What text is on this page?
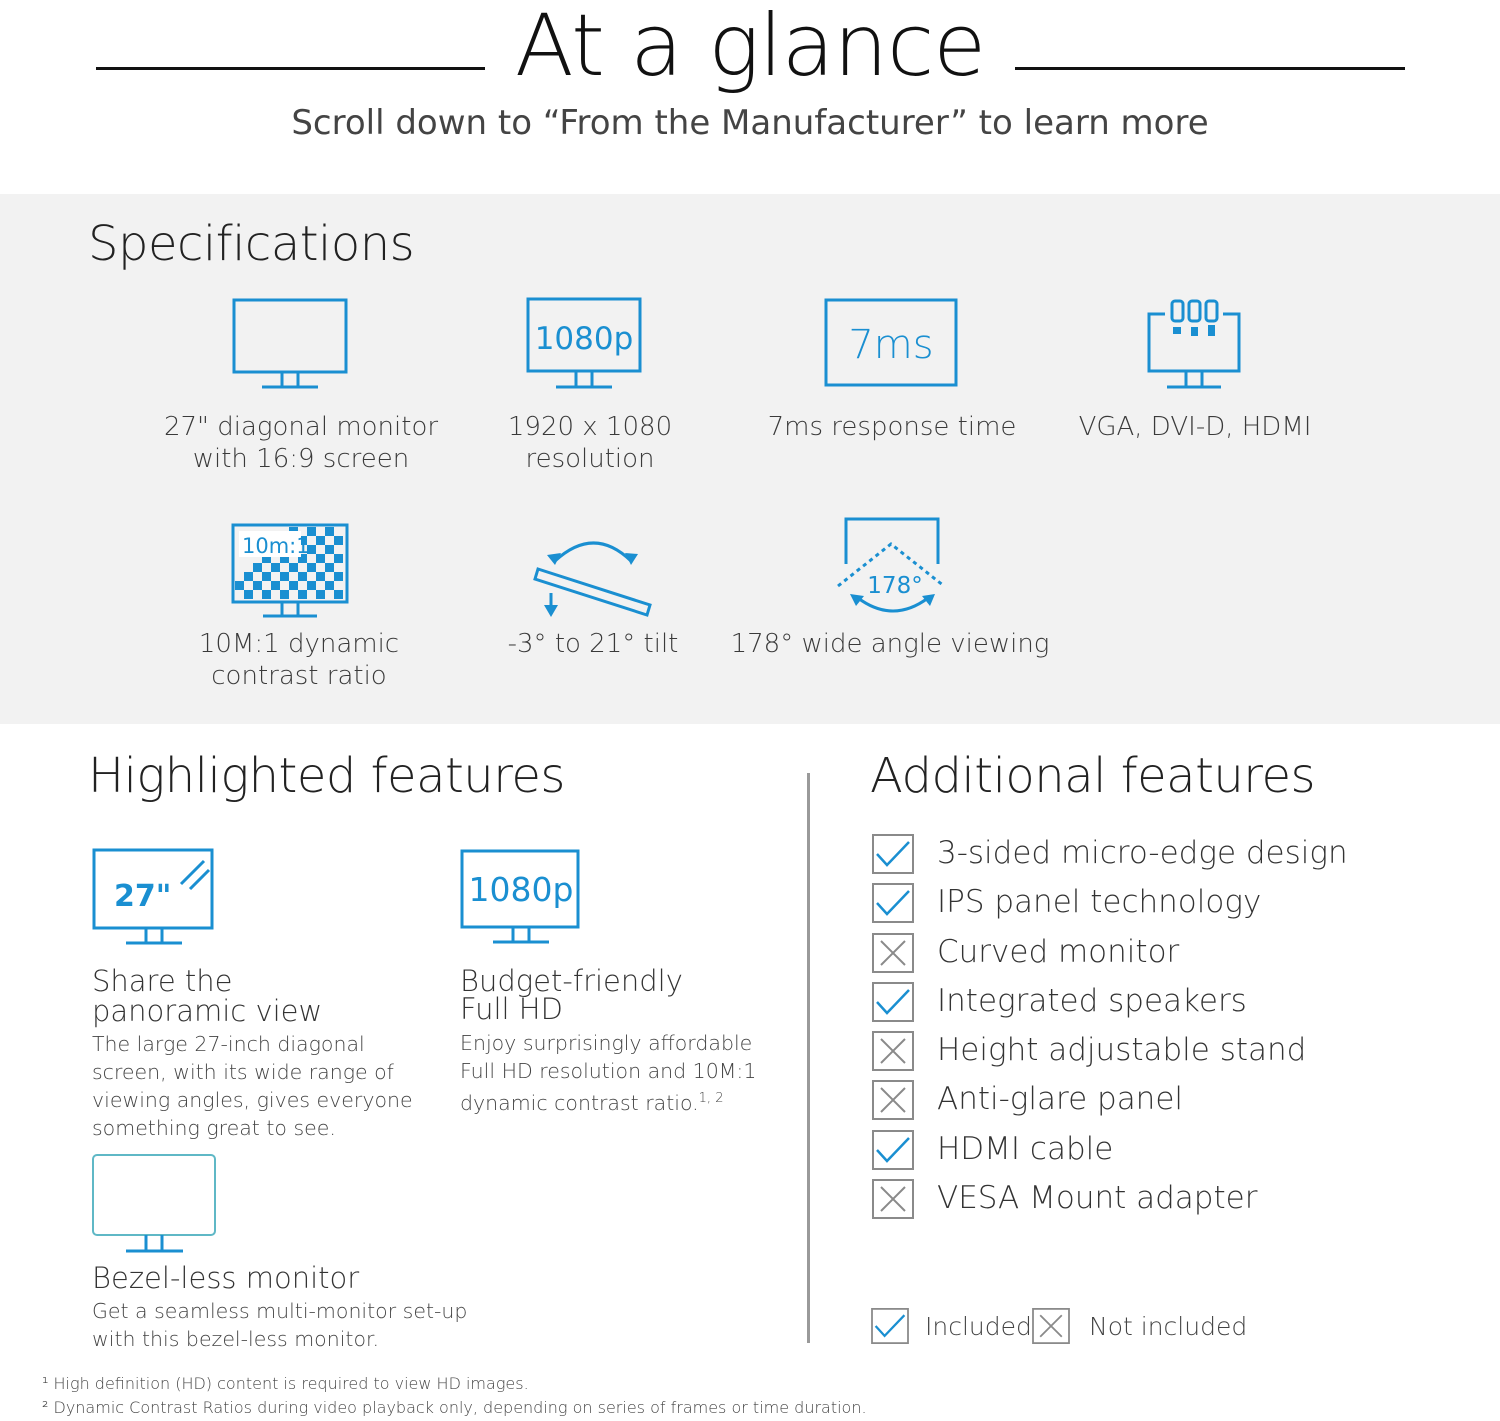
At a glance
Scroll down to “From the Manufacturer” to learn more
Specifications
1080p	7ms
27" diagonal monitor
with 16:9 screen
1920 x 1080 resolution
7ms response time	VGA, DVI-D, HDMI
10m:1
178°
10M:1 dynamic
contrast ratio
-3° to 21° tilt	178° wide angle viewing
Highlighted features
27"	1080p
Share the
panoramic view
The large 27-inch diagonal
screen, with its wide range of
viewing angles, gives everyone
something great to see.
Budget-friendly
Full HD
Enjoy surprisingly affordable
Full HD resolution and 10M:1
dynamic contrast ratio.$^{1, 2}$
Bezel-less monitor
Get a seamless multi-monitor set-up
with this bezel-less monitor.
Additional features
3-sided micro-edge design
IPS panel technology
Curved monitor
Integrated speakers
Height adjustable stand
Anti-glare panel
HDMI cable
VESA Mount adapter
Included Not included
¹ High definition (HD) content is required to view HD images.
² Dynamic Contrast Ratios during video playback only, depending on series of frames or time duration.
